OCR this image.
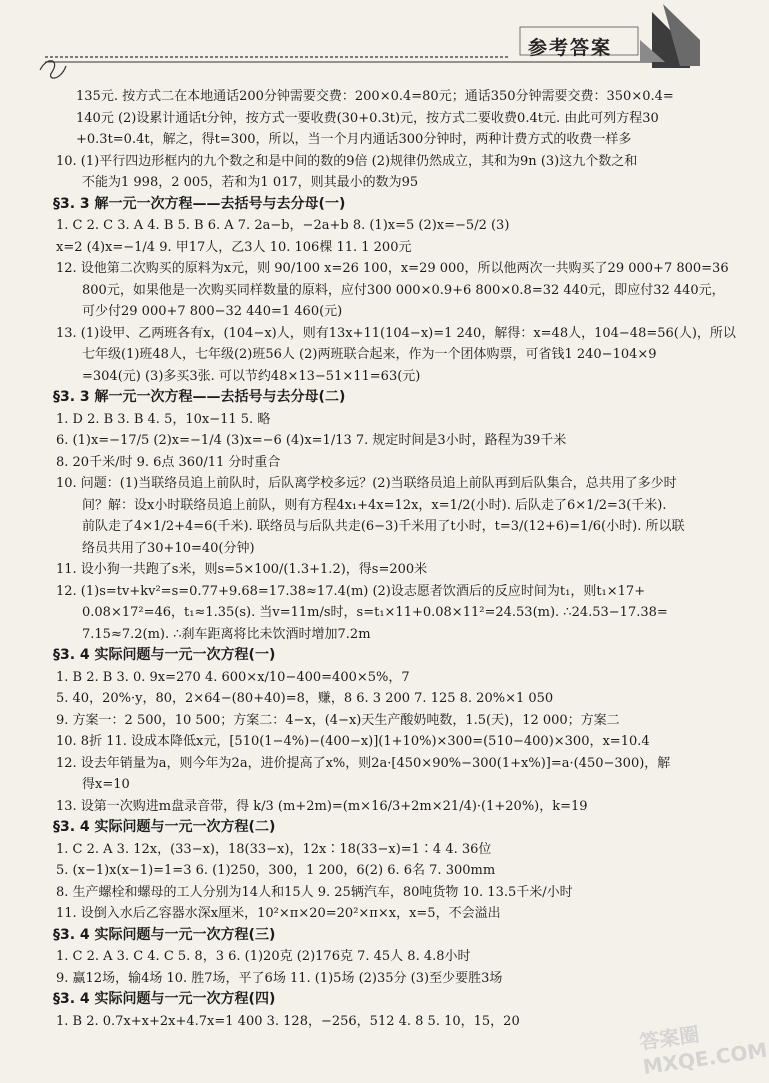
参考答案
135元. 按方式二在本地通话200分钟需要交费：200×0.4=80元；通话350分钟需要交费：350×0.4=
140元 (2)设累计通话t分钟，按方式一要收费(30+0.3t)元，按方式二要收费0.4t元. 由此可列方程30
+0.3t=0.4t，解之，得t=300，所以，当一个月内通话300分钟时，两种计费方式的收费一样多
10. (1)平行四边形框内的九个数之和是中间的数的9倍 (2)规律仍然成立，其和为9n (3)这九个数之和
不能为1 998，2 005，若和为1 017，则其最小的数为95
§3. 3 解一元一次方程——去括号与去分母(一)
1. C 2. C 3. A 4. B 5. B 6. A 7. 2a−b，−2a+b 8. (1)x=5 (2)x=−5/2 (3)
x=2 (4)x=−1/4 9. 甲17人，乙3人 10. 106棵 11. 1 200元
12. 设他第二次购买的原料为x元，则 90/100 x=26 100，x=29 000，所以他两次一共购买了29 000+7 800=36
800元，如果他是一次购买同样数量的原料，应付300 000×0.9+6 800×0.8=32 440元，即应付32 440元，
可少付29 000+7 800−32 440=1 460(元)
13. (1)设甲、乙两班各有x，(104−x)人，则有13x+11(104−x)=1 240，解得：x=48人，104−48=56(人)，所以
七年级(1)班48人，七年级(2)班56人 (2)两班联合起来，作为一个团体购票，可省钱1 240−104×9
=304(元) (3)多买3张. 可以节约48×13−51×11=63(元)
§3. 3 解一元一次方程——去括号与去分母(二)
1. D 2. B 3. B 4. 5，10x−11 5. 略
6. (1)x=−17/5 (2)x=−1/4 (3)x=−6 (4)x=1/13 7. 规定时间是3小时，路程为39千米
8. 20千米/时 9. 6点 360/11 分时重合
10. 问题：(1)当联络员追上前队时，后队离学校多远？(2)当联络员追上前队再到后队集合，总共用了多少时
间？解：设x小时联络员追上前队，则有方程4x₁+4x=12x，x=1/2(小时). 后队走了6×1/2=3(千米).
前队走了4×1/2+4=6(千米). 联络员与后队共走(6−3)千米用了t小时，t=3/(12+6)=1/6(小时). 所以联
络员共用了30+10=40(分钟)
11. 设小狗一共跑了s米，则s=5×100/(1.3+1.2)，得s=200米
12. (1)s=tv+kv²=s=0.77+9.68=17.38≈17.4(m) (2)设志愿者饮酒后的反应时间为t₁，则t₁×17+
0.08×17²=46，t₁≈1.35(s). 当v=11m/s时，s=t₁×11+0.08×11²=24.53(m). ∴24.53−17.38=
7.15≈7.2(m). ∴刹车距离将比未饮酒时增加7.2m
§3. 4 实际问题与一元一次方程(一)
1. B 2. B 3. 0. 9x=270 4. 600×x/10−400=400×5%，7
5. 40，20%·y，80，2×64−(80+40)=8，赚，8 6. 3 200 7. 125 8. 20%×1 050
9. 方案一：2 500，10 500；方案二：4−x，(4−x)天生产酸奶吨数，1.5(天)，12 000；方案二
10. 8折 11. 设成本降低x元，[510(1−4%)−(400−x)](1+10%)×300=(510−400)×300，x=10.4
12. 设去年销量为a，则今年为2a，进价提高了x%，则2a·[450×90%−300(1+x%)]=a·(450−300)，解
得x=10
13. 设第一次购进m盘录音带，得 k/3 (m+2m)=(m×16/3+2m×21/4)·(1+20%)，k=19
§3. 4 实际问题与一元一次方程(二)
1. C 2. A 3. 12x，(33−x)，18(33−x)，12x∶18(33−x)=1∶4 4. 36位
5. (x−1)x(x−1)=1=3 6. (1)250，300，1 200，6(2) 6. 6名 7. 300mm
8. 生产螺栓和螺母的工人分别为14人和15人 9. 25辆汽车，80吨货物 10. 13.5千米/小时
11. 设倒入水后乙容器水深x厘米，10²×π×20=20²×π×x，x=5，不会溢出
§3. 4 实际问题与一元一次方程(三)
1. C 2. A 3. C 4. C 5. 8，3 6. (1)20克 (2)176克 7. 45人 8. 4.8小时
9. 赢12场，输4场 10. 胜7场，平了6场 11. (1)5场 (2)35分 (3)至少要胜3场
§3. 4 实际问题与一元一次方程(四)
1. B 2. 0.7x+x+2x+4.7x=1 400 3. 128，−256，512 4. 8 5. 10，15，20
答案圈 MXQE.COM
